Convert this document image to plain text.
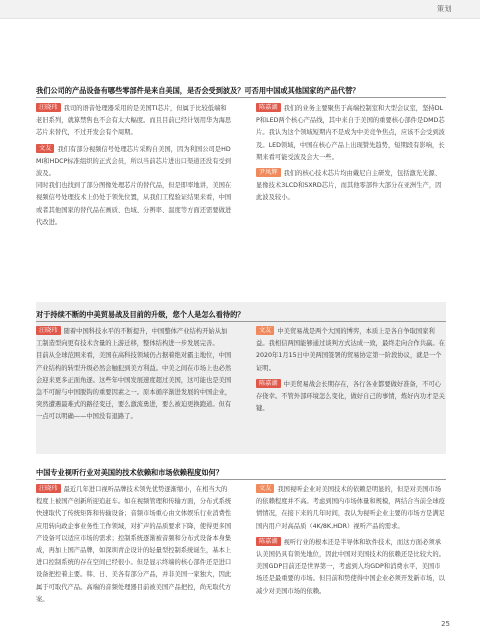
策划
我们公司的产品设备有哪些零部件是来自美国，是否会受到波及？可否用中国或其他国家的产品代替？

汪晓玮 我司的语音处理器采用的是美国TI芯片，但属于比较低端和老旧系列，就算禁售也不会有太大幅度。而且目前已经计划用华为海思芯片来替代，不过开发会有个周期。

文友 我们有部分视频信号处理芯片采购自美国，因为利国公司是HDMI和HDCP标准组织的正式会员，所以当前芯片进出口渠道还没有受到波及。

同时我们也找到了部分图像处理芯片的替代品，但是即率地讲，美国在视频信号处理技术上仍处于领先位置，从我们工程验证结果来看，中国或者其他国家的替代品在画质、色域、分辨率、温度等方面还需要做进代改进。

陈嘉湖 我们的业务主要聚焦于高端控制室和大型会议室，坚持DLP和LED两个核心产品线，其中来自于美国的重要核心部件是DMD芯片。我认为这个领域短期内不是成为中美竞争焦点，应该不会受到波及。LED领域，中国在核心产品上出现赞先趋势，短期段有影响，长期来看可能受波及会大一些。

尹凤辉 我们的核心技术芯片均由戴尼自主研发，包括激光光源、显像技术3LCD和SXRD芯片，而其他零部件大部分在亚洲生产，因此波及较小。

对于持续不断的中美贸易战及目前的升级，您个人是怎么看待的？

汪晓玮 随着中国科技水平的不断提升，中国整体产业结构开始从加工制造型向更有技术含量的上游迁移，整体结构进一步发展完善。

目前从全球范围来看，美国在高科技领域仍占据着绝对霸主地位，中国产业结构的转型升级必然会触犯到美方利益。中美之间在市场上也必然会迎来更多正面角逐。这些年中国发展速度超过美国，这可能也是美国急不可耐与中国脱钩的重要因素之一。原本循序渐进发展的中国企业，突然遭遇最难式的路径变迁，要么激流勇进，要么被迫更换跑道。但有一点可以明确——中国没有退路了。

文友 中美贸易战是两个大国的博弈，本质上是各自争取国家利益。我相信两国能够通过谈判方式达成一致，最终走向合作共赢。在2020年1月15日中美两国签署的贸易协定第一阶段协议，就是一个证明。

陈嘉湖 中美贸易战会长期存在，各行各业都要做好准备，不可心存侥幸。不管外部环境怎么变化，做好自己的事情，炼好内功才是关键。

中国专业视听行业对美国的技术依赖和市场依赖程度如何？

汪晓玮 最近几年进口视听品牌技术领先优势逐渐缩小，在相当大的程度上被国产创新所迎追赶车。如在视频管理和传输方面，分布式系统快速取代了传统矩阵和传输设备；音频市场重心由文体娱乐行业消费性应用转向政企事业务性工作领域，对扩声的品质要求下降，使得更多国产设备可以适应市场的需求；控制系统逐渐被音频和分布式设备本身集成，再加上国产品牌，如深圳青企设计的轻量型控制系统诞生，基本上进口控制系统的存在空间已经很小。但是显示终端的核心部件还是进口设备把控着主要。韩、日、美各有部分产品，并非美国一家独大，因此属于可取代产品。高端的音频处理器目前被美国产品把控，尚无取代方案。

文友 我国视听企业对美国技术的依赖是明显的，但是对美国市场的依赖程度并不高。考虑到国内市场体量和规模，两结合当前全球疫情情况，在接下来的几年时间，我认为视听企业主要的市场方是满足国内用户对高品质（4K/8K,HDR）视听产品的需求。

陈嘉湖 视听行业的根本还是半导体和软件技术，而这方面必须承认美国仍具有领先地位，因此中国对美国技术的依赖还是比较大的。美国GDP目前还是世界第一，考虑到人均GDP和消费水平，美国市场还是最重要的市场。但目前和势使得中国企业必须开发新市场，以减少对美国市场的依赖。

25
